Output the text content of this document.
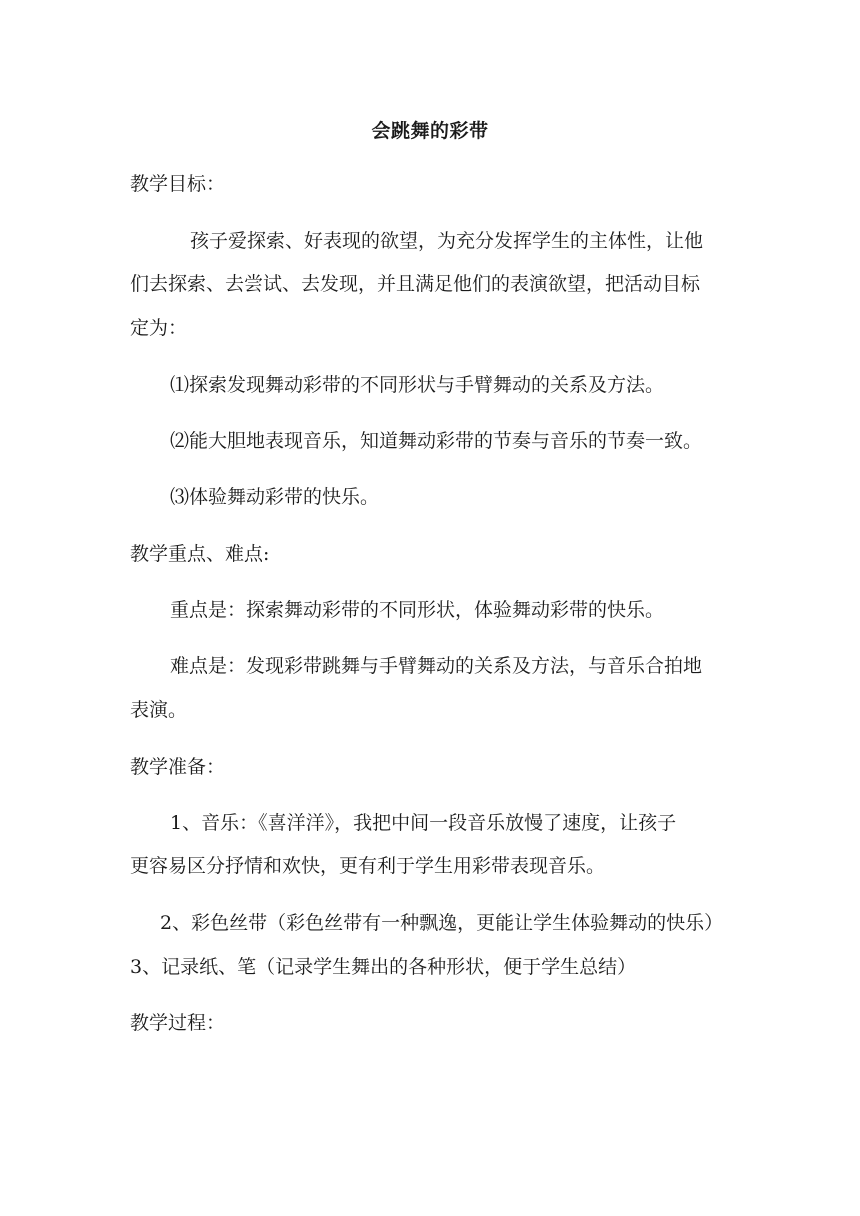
会跳舞的彩带
教学目标：
孩子爱探索、好表现的欲望，为充分发挥学生的主体性，让他
们去探索、去尝试、去发现，并且满足他们的表演欲望，把活动目标
定为：
⑴探索发现舞动彩带的不同形状与手臂舞动的关系及方法。
⑵能大胆地表现音乐，知道舞动彩带的节奏与音乐的节奏一致。
⑶体验舞动彩带的快乐。
教学重点、难点:
重点是：探索舞动彩带的不同形状，体验舞动彩带的快乐。
难点是：发现彩带跳舞与手臂舞动的关系及方法，与音乐合拍地
表演。
教学准备：
1、音乐：《喜洋洋》，我把中间一段音乐放慢了速度，让孩子
更容易区分抒情和欢快，更有利于学生用彩带表现音乐。
2、彩色丝带（彩色丝带有一种飘逸，更能让学生体验舞动的快乐）
3、记录纸、笔（记录学生舞出的各种形状，便于学生总结）
教学过程：
